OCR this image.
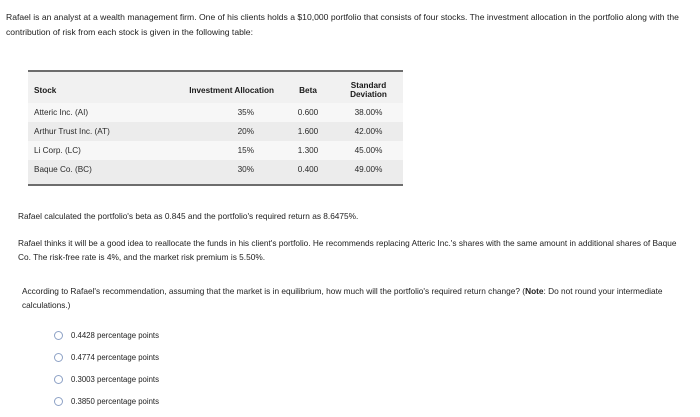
Rafael is an analyst at a wealth management firm. One of his clients holds a $10,000 portfolio that consists of four stocks. The investment allocation in the portfolio along with the contribution of risk from each stock is given in the following table:
Stock	Investment Allocation	Beta	Standard Deviation
Atteric Inc. (AI)	35%	0.600	38.00%
Arthur Trust Inc. (AT)	20%	1.600	42.00%
Li Corp. (LC)	15%	1.300	45.00%
Baque Co. (BC)	30%	0.400	49.00%
Rafael calculated the portfolio's beta as 0.845 and the portfolio's required return as 8.6475%.
Rafael thinks it will be a good idea to reallocate the funds in his client's portfolio. He recommends replacing Atteric Inc.'s shares with the same amount in additional shares of Baque Co. The risk-free rate is 4%, and the market risk premium is 5.50%.
According to Rafael's recommendation, assuming that the market is in equilibrium, how much will the portfolio's required return change? (Note: Do not round your intermediate calculations.)
0.4428 percentage points
0.4774 percentage points
0.3003 percentage points
0.3850 percentage points
